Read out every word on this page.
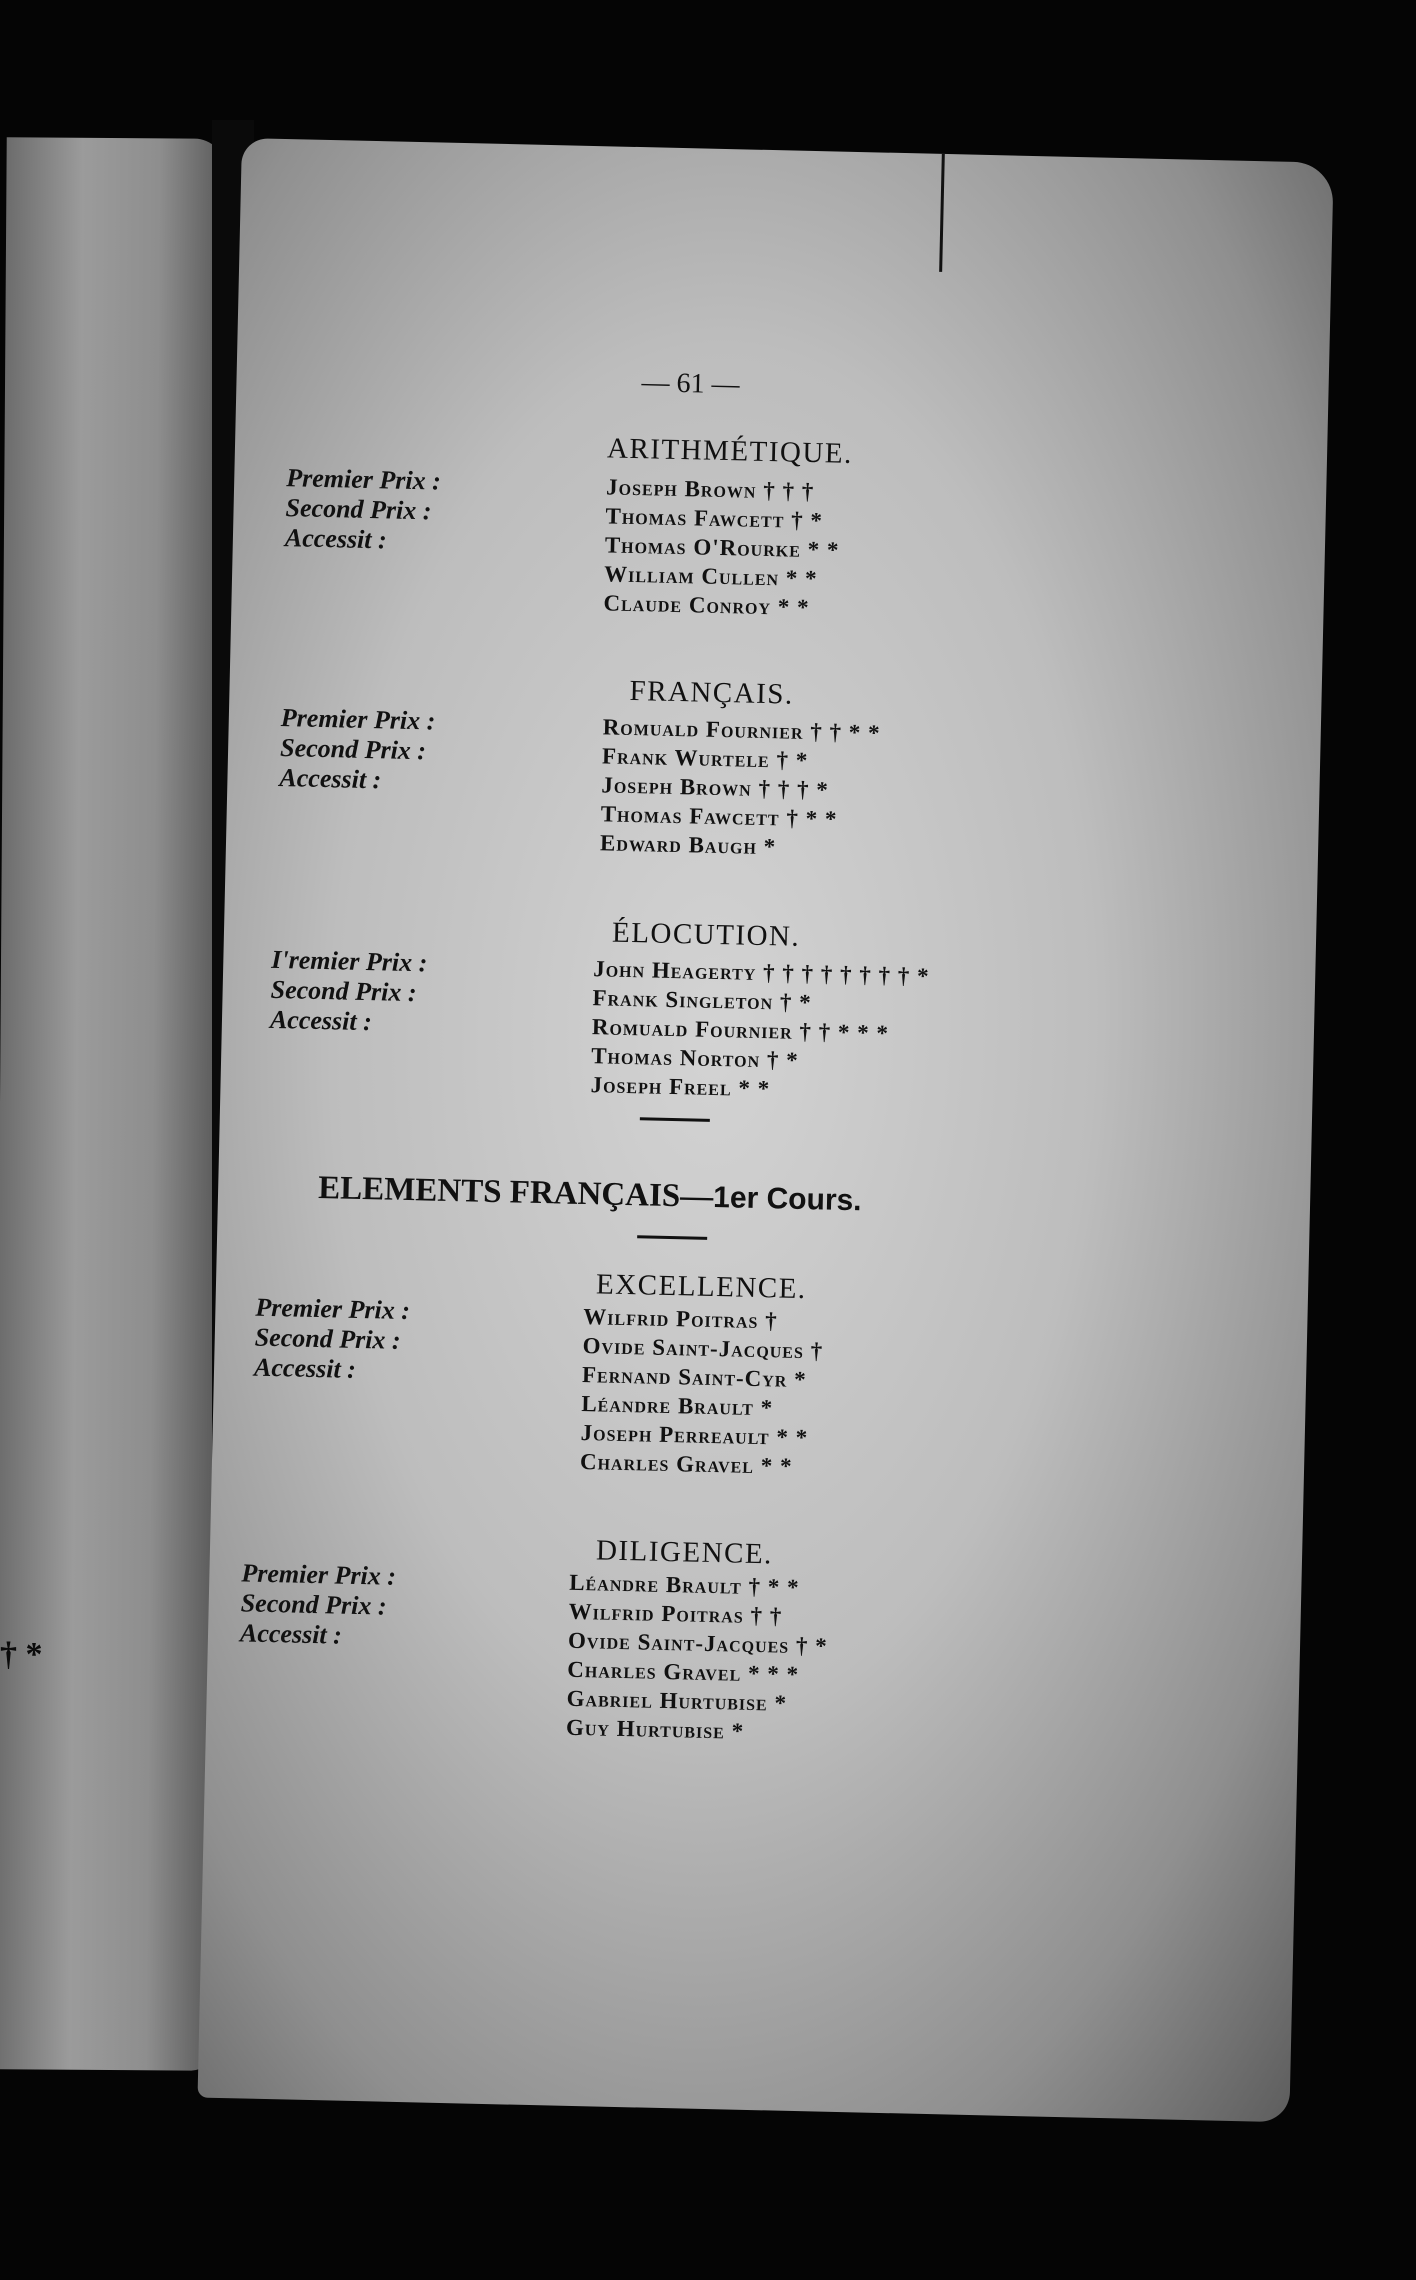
† *
— 61 —
ARITHMÉTIQUE.
Premier Prix :
Second Prix :
Accessit :
Joseph Brown † † †
Thomas Fawcett † *
Thomas O'Rourke * *
William Cullen * *
Claude Conroy * *
FRANÇAIS.
Premier Prix :
Second Prix :
Accessit :
Romuald Fournier † † * *
Frank Wurtele † *
Joseph Brown † † † *
Thomas Fawcett † * *
Edward Baugh *
ÉLOCUTION.
I'remier Prix :
Second Prix :
Accessit :
John Heagerty † † † † † † † † *
Frank Singleton † *
Romuald Fournier † † * * *
Thomas Norton † *
Joseph Freel * *
ELEMENTS FRANÇAIS—1er Cours.
EXCELLENCE.
Premier Prix :
Second Prix :
Accessit :
Wilfrid Poitras †
Ovide Saint-Jacques †
Fernand Saint-Cyr *
Léandre Brault *
Joseph Perreault * *
Charles Gravel * *
DILIGENCE.
Premier Prix :
Second Prix :
Accessit :
Léandre Brault † * *
Wilfrid Poitras † †
Ovide Saint-Jacques † *
Charles Gravel * * *
Gabriel Hurtubise *
Guy Hurtubise *
